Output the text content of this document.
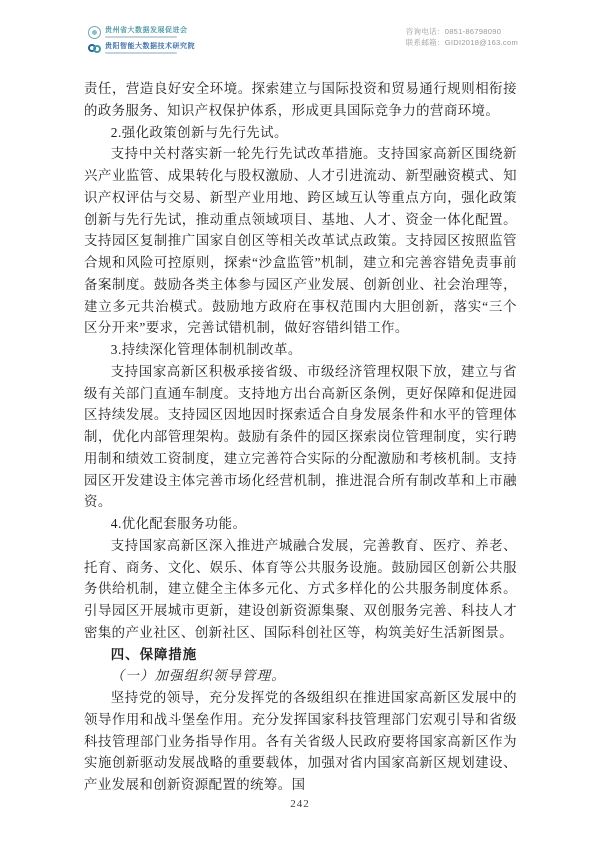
贵州省大数据发展促进会
贵阳智能大数据技术研究院
咨询电话：0851-86798090
联系邮箱：GIDI2018@163.com

责任，营造良好安全环境。探索建立与国际投资和贸易通行规则相衔接的政务服务、知识产权保护体系，形成更具国际竞争力的营商环境。

2.强化政策创新与先行先试。

支持中关村落实新一轮先行先试改革措施。支持国家高新区围绕新兴产业监管、成果转化与股权激励、人才引进流动、新型融资模式、知识产权评估与交易、新型产业用地、跨区域互认等重点方向，强化政策创新与先行先试，推动重点领域项目、基地、人才、资金一体化配置。支持园区复制推广国家自创区等相关改革试点政策。支持园区按照监管合规和风险可控原则，探索“沙盒监管”机制，建立和完善容错免责事前备案制度。鼓励各类主体参与园区产业发展、创新创业、社会治理等，建立多元共治模式。鼓励地方政府在事权范围内大胆创新，落实“三个区分开来”要求，完善试错机制，做好容错纠错工作。

3.持续深化管理体制机制改革。

支持国家高新区积极承接省级、市级经济管理权限下放，建立与省级有关部门直通车制度。支持地方出台高新区条例，更好保障和促进园区持续发展。支持园区因地因时探索适合自身发展条件和水平的管理体制，优化内部管理架构。鼓励有条件的园区探索岗位管理制度，实行聘用制和绩效工资制度，建立完善符合实际的分配激励和考核机制。支持园区开发建设主体完善市场化经营机制，推进混合所有制改革和上市融资。

4.优化配套服务功能。

支持国家高新区深入推进产城融合发展，完善教育、医疗、养老、托育、商务、文化、娱乐、体育等公共服务设施。鼓励园区创新公共服务供给机制，建立健全主体多元化、方式多样化的公共服务制度体系。引导园区开展城市更新，建设创新资源集聚、双创服务完善、科技人才密集的产业社区、创新社区、国际科创社区等，构筑美好生活新图景。

四、保障措施

（一）加强组织领导管理。

坚持党的领导，充分发挥党的各级组织在推进国家高新区发展中的领导作用和战斗堡垒作用。充分发挥国家科技管理部门宏观引导和省级科技管理部门业务指导作用。各有关省级人民政府要将国家高新区作为实施创新驱动发展战略的重要载体，加强对省内国家高新区规划建设、产业发展和创新资源配置的统筹。国

242
